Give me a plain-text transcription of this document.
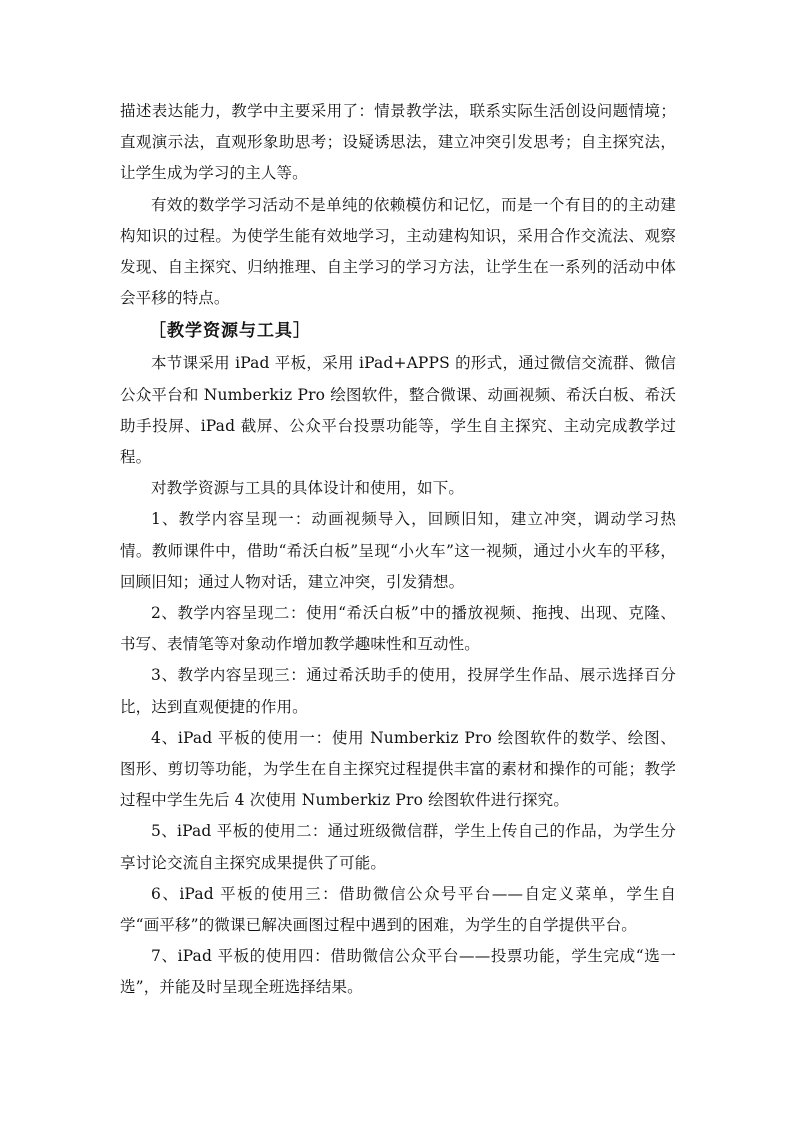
描述表达能力，教学中主要采用了：情景教学法，联系实际生活创设问题情境；直观演示法，直观形象助思考；设疑诱思法，建立冲突引发思考；自主探究法，让学生成为学习的主人等。

有效的数学学习活动不是单纯的依赖模仿和记忆，而是一个有目的的主动建构知识的过程。为使学生能有效地学习，主动建构知识，采用合作交流法、观察发现、自主探究、归纳推理、自主学习的学习方法，让学生在一系列的活动中体会平移的特点。

［教学资源与工具］

本节课采用 iPad 平板，采用 iPad+APPS 的形式，通过微信交流群、微信公众平台和 Numberkiz Pro 绘图软件，整合微课、动画视频、希沃白板、希沃助手投屏、iPad 截屏、公众平台投票功能等，学生自主探究、主动完成教学过程。

对教学资源与工具的具体设计和使用，如下。

1、教学内容呈现一：动画视频导入，回顾旧知，建立冲突，调动学习热情。教师课件中，借助“希沃白板”呈现“小火车”这一视频，通过小火车的平移，回顾旧知；通过人物对话，建立冲突，引发猜想。

2、教学内容呈现二：使用“希沃白板”中的播放视频、拖拽、出现、克隆、书写、表情笔等对象动作增加教学趣味性和互动性。

3、教学内容呈现三：通过希沃助手的使用，投屏学生作品、展示选择百分比，达到直观便捷的作用。

4、iPad 平板的使用一：使用 Numberkiz Pro 绘图软件的数学、绘图、图形、剪切等功能，为学生在自主探究过程提供丰富的素材和操作的可能；教学过程中学生先后 4 次使用 Numberkiz Pro 绘图软件进行探究。

5、iPad 平板的使用二：通过班级微信群，学生上传自己的作品，为学生分享讨论交流自主探究成果提供了可能。

6、iPad 平板的使用三：借助微信公众号平台——自定义菜单，学生自学“画平移”的微课已解决画图过程中遇到的困难，为学生的自学提供平台。

7、iPad 平板的使用四：借助微信公众平台——投票功能，学生完成“选一选”，并能及时呈现全班选择结果。
